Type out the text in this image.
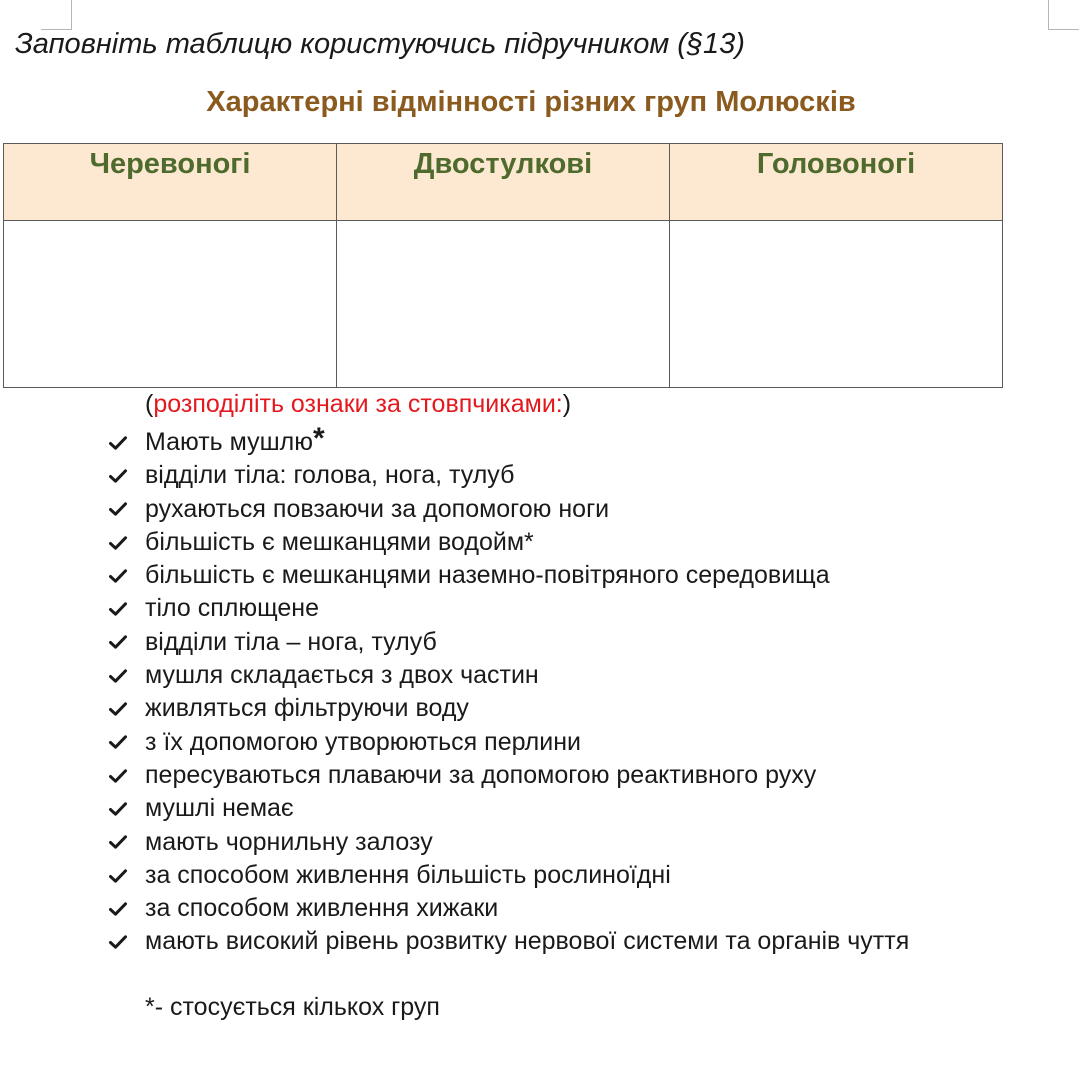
Заповніть таблицю користуючись підручником (§13)
Характерні відмінності різних груп Молюсків
Черевоногі	Двостулкові	Головоногі

(розподіліть ознаки за стовпчиками:)
Мають мушлю *
відділи тіла: голова, нога, тулуб
рухаються повзаючи за допомогою ноги
більшість є мешканцями водойм*
більшість є мешканцями наземно-повітряного середовища
тіло сплющене
відділи тіла – нога, тулуб
мушля складається з двох частин
живляться фільтруючи воду
з їх допомогою утворюються перлини
пересуваються плаваючи за допомогою реактивного руху
мушлі немає
мають чорнильну залозу
за способом живлення більшість рослиноїдні
за способом живлення хижаки
мають високий рівень розвитку нервової системи та органів чуття
*- стосується кількох груп
